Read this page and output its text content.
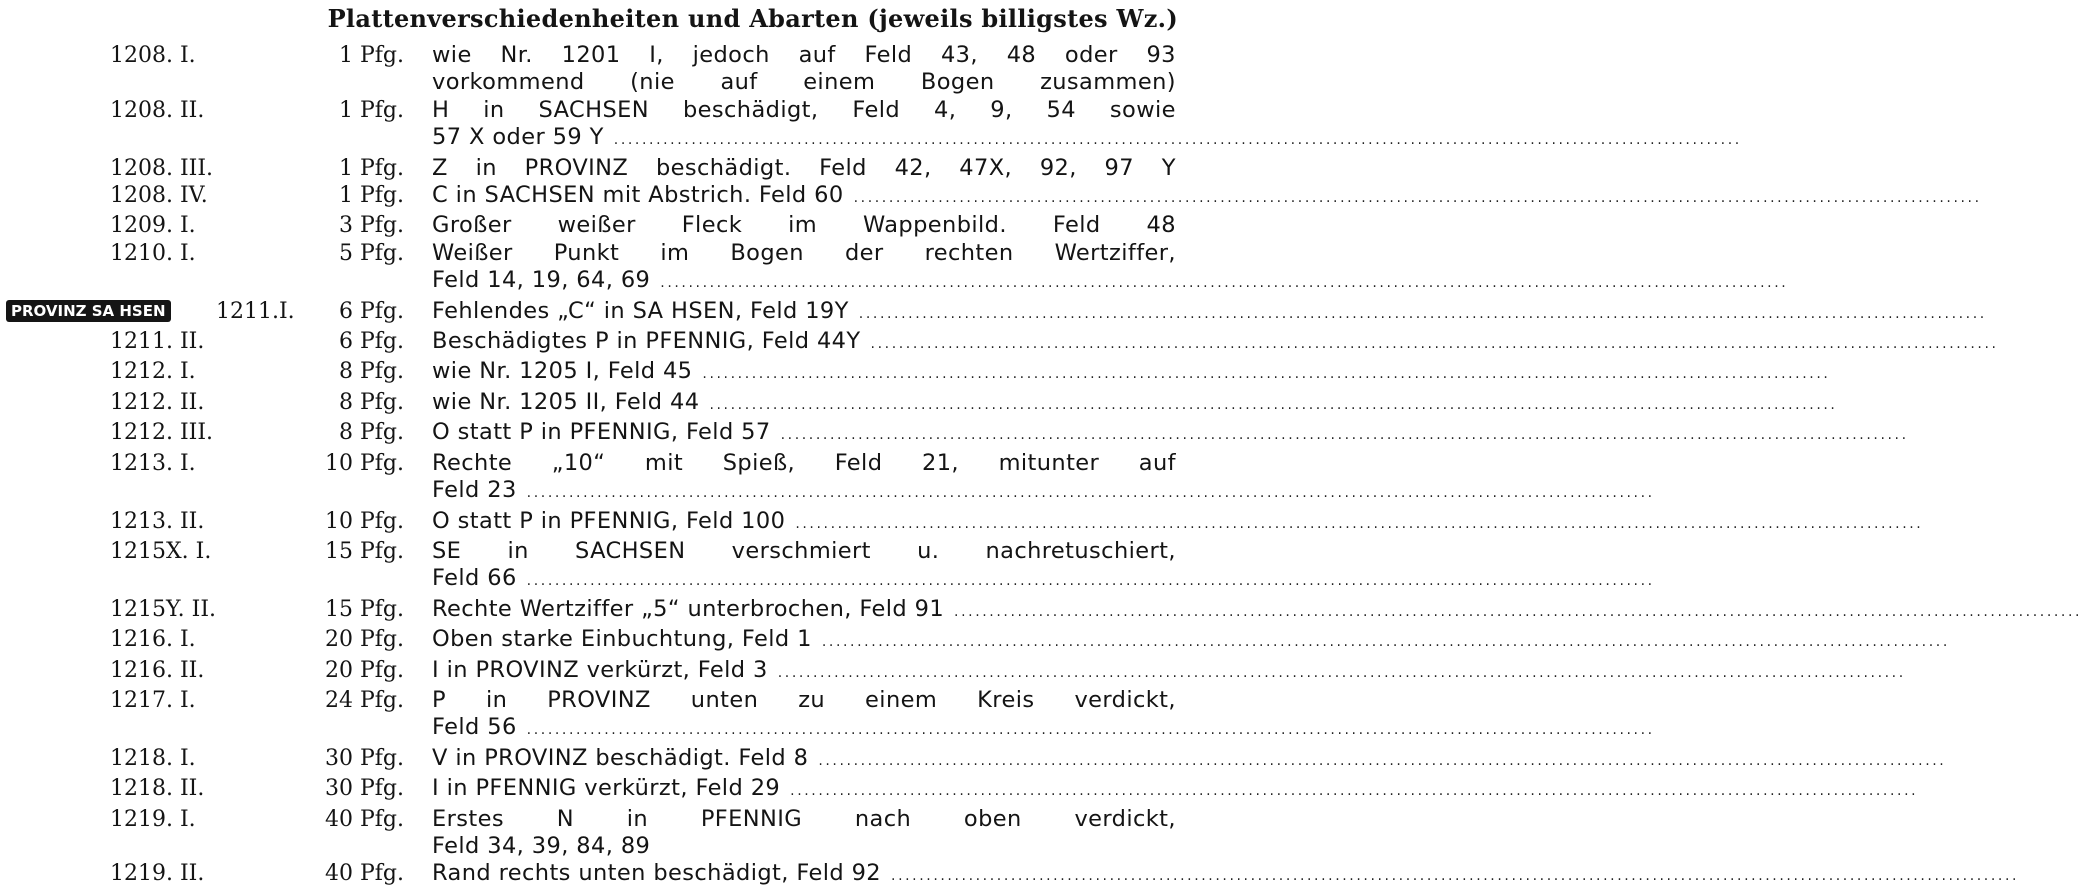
Plattenverschiedenheiten und Abarten (jeweils billigstes Wz.)
1208. I.	1 Pfg. wie Nr. 1201 I, jedoch auf Feld 43, 48 oder 93
vorkommend (nie auf einem Bogen zusammen)
1208. II.	1 Pfg. H in SACHSEN beschädigt, Feld 4, 9, 54 sowie
57 X oder 59 Y ................................................................................................................................................................
1208. III.	1 Pfg. Z in PROVINZ beschädigt. Feld 42, 47X, 92, 97 Y
1208. IV.	1 Pfg. C in SACHSEN mit Abstrich. Feld 60 ................................................................................................................................................................
1209. I.	3 Pfg. Großer weißer Fleck im Wappenbild. Feld 48
1210. I.	5 Pfg. Weißer Punkt im Bogen der rechten Wertziffer,
Feld 14, 19, 64, 69 ................................................................................................................................................................
PROVINZ SA HSEN 1211.I. 6 Pfg. Fehlendes „C“ in SA HSEN, Feld 19Y ................................................................................................................................................................
1211. II.	6 Pfg. Beschädigtes P in PFENNIG, Feld 44Y ................................................................................................................................................................
1212. I.	8 Pfg. wie Nr. 1205 I, Feld 45 ................................................................................................................................................................
1212. II.	8 Pfg. wie Nr. 1205 II, Feld 44 ................................................................................................................................................................
1212. III.	8 Pfg. O statt P in PFENNIG, Feld 57 ................................................................................................................................................................
1213. I.	10 Pfg. Rechte „10“ mit Spieß, Feld 21, mitunter auf
Feld 23 ................................................................................................................................................................
1213. II.	10 Pfg. O statt P in PFENNIG, Feld 100 ................................................................................................................................................................
1215X. I.	15 Pfg. SE in SACHSEN verschmiert u. nachretuschiert,
Feld 66 ................................................................................................................................................................
1215Y. II.	15 Pfg. Rechte Wertziffer „5“ unterbrochen, Feld 91 ................................................................................................................................................................
1216. I.	20 Pfg. Oben starke Einbuchtung, Feld 1 ................................................................................................................................................................
1216. II.	20 Pfg. I in PROVINZ verkürzt, Feld 3 ................................................................................................................................................................
1217. I.	24 Pfg. P in PROVINZ unten zu einem Kreis verdickt,
Feld 56 ................................................................................................................................................................
1218. I.	30 Pfg. V in PROVINZ beschädigt. Feld 8 ................................................................................................................................................................
1218. II.	30 Pfg. I in PFENNIG verkürzt, Feld 29 ................................................................................................................................................................
1219. I.	40 Pfg. Erstes N in PFENNIG nach oben verdickt,
Feld 34, 39, 84, 89
1219. II.	40 Pfg. Rand rechts unten beschädigt, Feld 92 ................................................................................................................................................................
